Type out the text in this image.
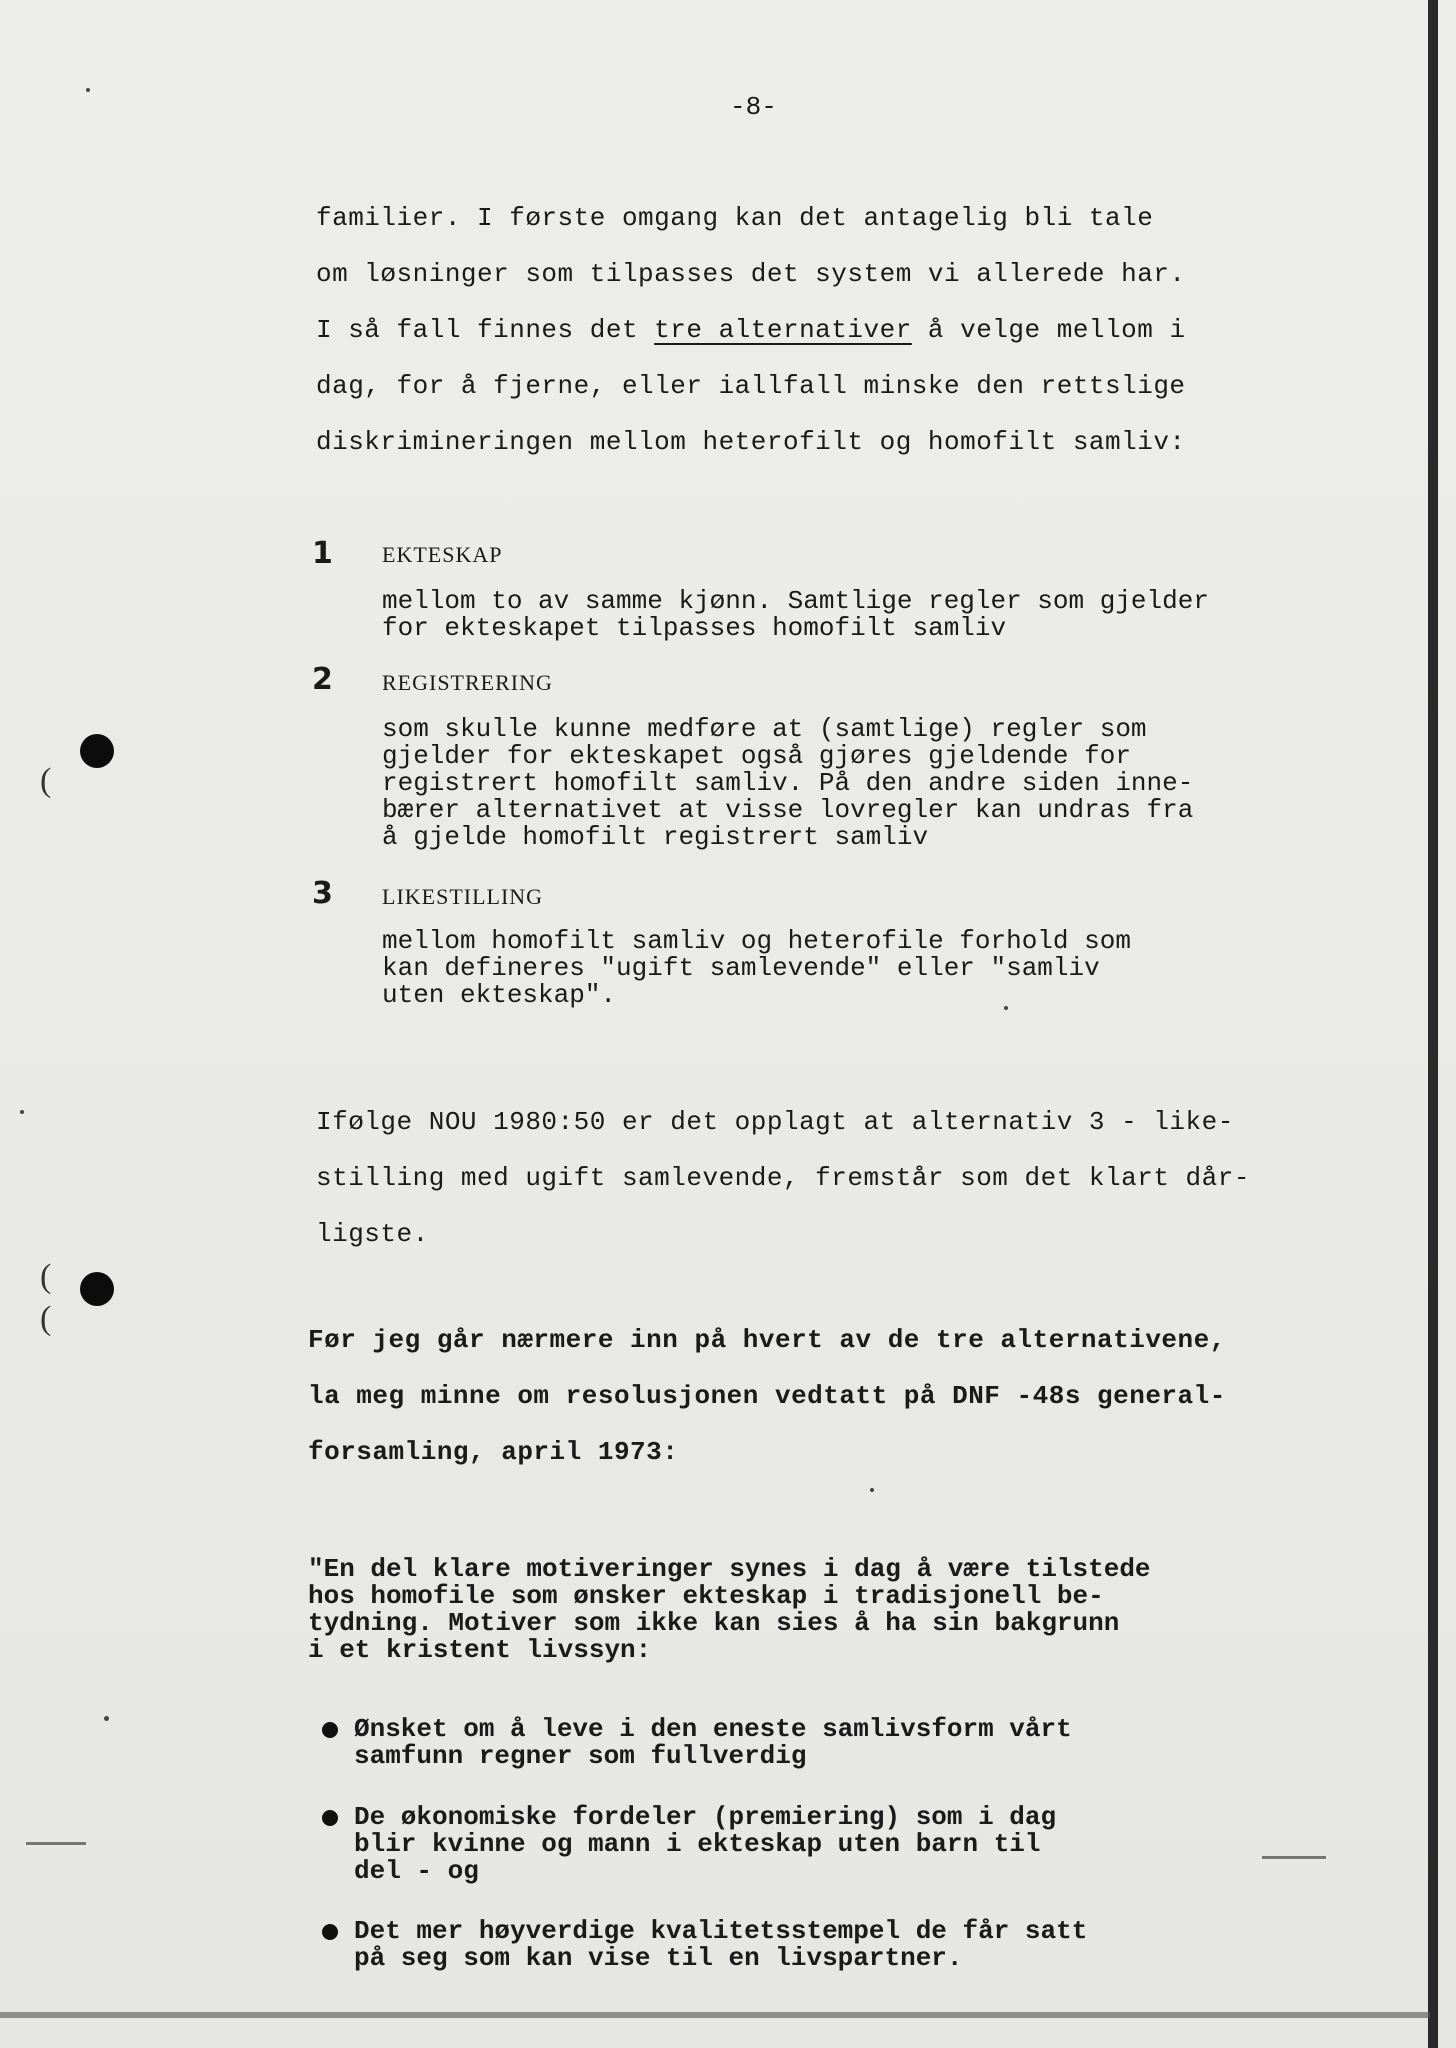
(
(
(
-8-
familier. I første omgang kan det antagelig bli tale
om løsninger som tilpasses det system vi allerede har.
I så fall finnes det tre alternativer å velge mellom i
dag, for å fjerne, eller iallfall minske den rettslige
diskrimineringen mellom heterofilt og homofilt samliv:
1 EKTESKAP
mellom to av samme kjønn. Samtlige regler som gjelder
for ekteskapet tilpasses homofilt samliv
2 REGISTRERING
som skulle kunne medføre at (samtlige) regler som
gjelder for ekteskapet også gjøres gjeldende for
registrert homofilt samliv. På den andre siden inne-
bærer alternativet at visse lovregler kan undras fra
å gjelde homofilt registrert samliv
3 LIKESTILLING
mellom homofilt samliv og heterofile forhold som
kan defineres "ugift samlevende" eller "samliv
uten ekteskap".
Ifølge NOU 1980:50 er det opplagt at alternativ 3 - like-
stilling med ugift samlevende, fremstår som det klart dår-
ligste.
Før jeg går nærmere inn på hvert av de tre alternativene,
la meg minne om resolusjonen vedtatt på DNF -48s general-
forsamling, april 1973:
"En del klare motiveringer synes i dag å være tilstede
hos homofile som ønsker ekteskap i tradisjonell be-
tydning. Motiver som ikke kan sies å ha sin bakgrunn
i et kristent livssyn:
Ønsket om å leve i den eneste samlivsform vårt
samfunn regner som fullverdig
De økonomiske fordeler (premiering) som i dag
blir kvinne og mann i ekteskap uten barn til
del - og
Det mer høyverdige kvalitetsstempel de får satt
på seg som kan vise til en livspartner.
